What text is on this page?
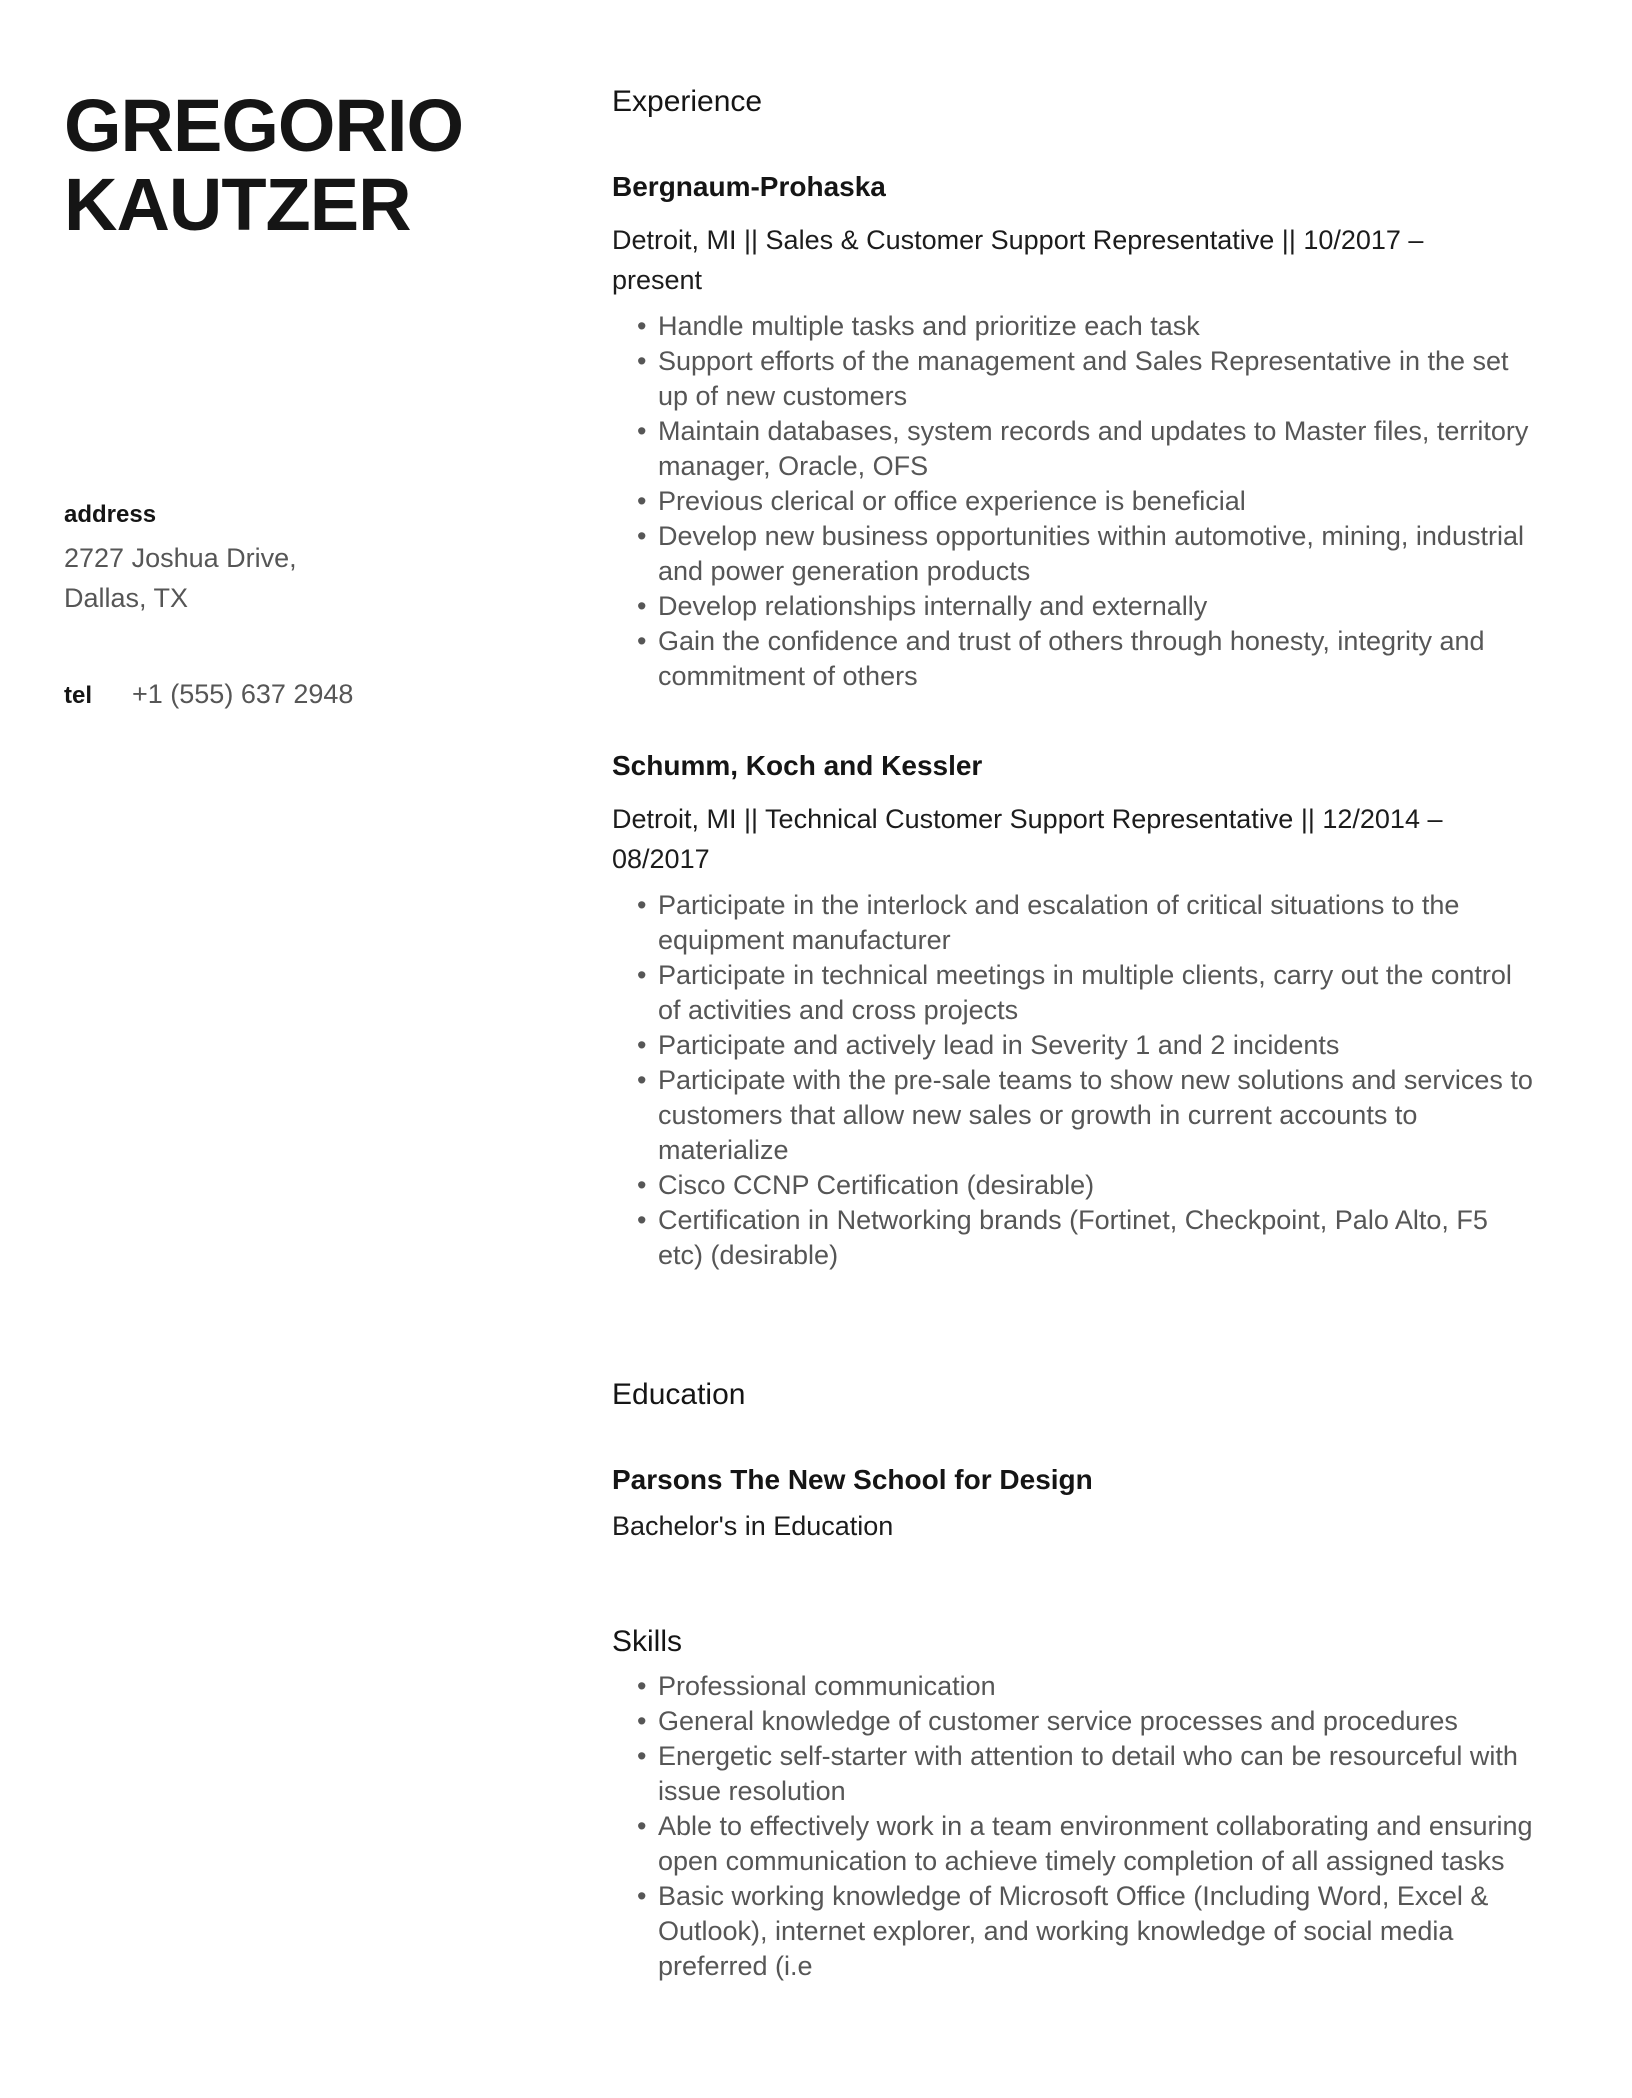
GREGORIO KAUTZER
address
2727 Joshua Drive,
Dallas, TX
tel	+1 (555) 637 2948
Experience
Bergnaum-Prohaska

Detroit, MI || Sales & Customer Support Representative || 10/2017 – present

• Handle multiple tasks and prioritize each task
• Support efforts of the management and Sales Representative in the set up of new customers
• Maintain databases, system records and updates to Master files, territory manager, Oracle, OFS
• Previous clerical or office experience is beneficial
• Develop new business opportunities within automotive, mining, industrial and power generation products
• Develop relationships internally and externally
• Gain the confidence and trust of others through honesty, integrity and commitment of others
Schumm, Koch and Kessler

Detroit, MI || Technical Customer Support Representative || 12/2014 – 08/2017

• Participate in the interlock and escalation of critical situations to the equipment manufacturer
• Participate in technical meetings in multiple clients, carry out the control of activities and cross projects
• Participate and actively lead in Severity 1 and 2 incidents
• Participate with the pre-sale teams to show new solutions and services to customers that allow new sales or growth in current accounts to materialize
• Cisco CCNP Certification (desirable)
• Certification in Networking brands (Fortinet, Checkpoint, Palo Alto, F5 etc) (desirable)
Education
Parsons The New School for Design

Bachelor's in Education

Skills
• Professional communication
• General knowledge of customer service processes and procedures
• Energetic self-starter with attention to detail who can be resourceful with issue resolution
• Able to effectively work in a team environment collaborating and ensuring open communication to achieve timely completion of all assigned tasks
• Basic working knowledge of Microsoft Office (Including Word, Excel & Outlook), internet explorer, and working knowledge of social media preferred (i.e
